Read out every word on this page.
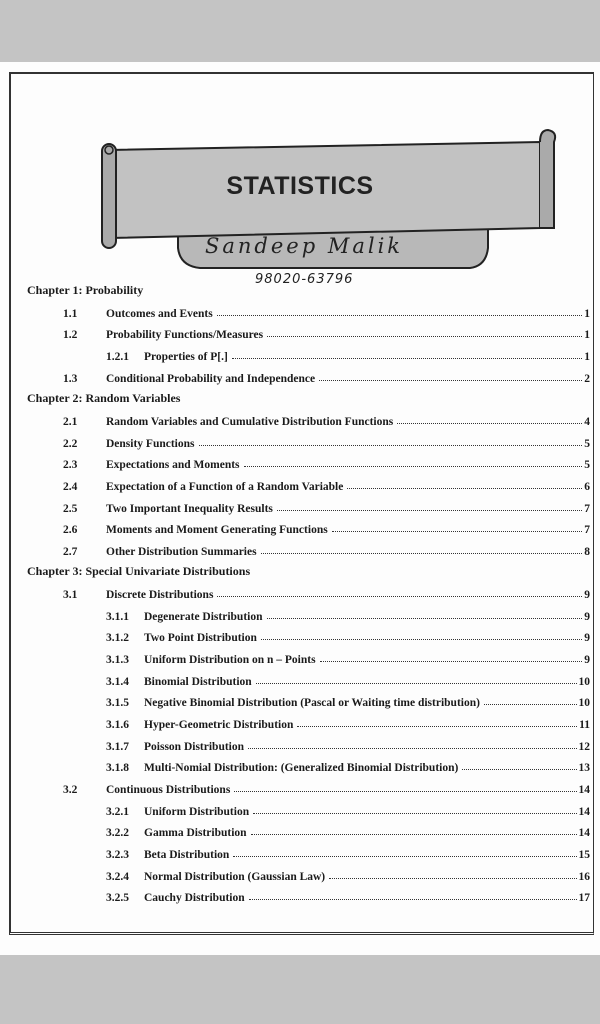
STATISTICS
Sandeep Malik
98020-63796
Chapter 1: Probability
1.1	Outcomes and Events	1
1.2	Probability Functions/Measures	1
1.2.1	Properties of P[.]	1
1.3	Conditional Probability and Independence	2
Chapter 2: Random Variables
2.1	Random Variables and Cumulative Distribution Functions	4
2.2	Density Functions	5
2.3	Expectations and Moments	5
2.4	Expectation of a Function of a Random Variable	6
2.5	Two Important Inequality Results	7
2.6	Moments and Moment Generating Functions	7
2.7	Other Distribution Summaries	8
Chapter 3: Special Univariate Distributions
3.1	Discrete Distributions	9
3.1.1	Degenerate Distribution	9
3.1.2	Two Point Distribution	9
3.1.3	Uniform Distribution on n – Points	9
3.1.4	Binomial Distribution	10
3.1.5	Negative Binomial Distribution (Pascal or Waiting time distribution)	10
3.1.6	Hyper-Geometric Distribution	11
3.1.7	Poisson Distribution	12
3.1.8	Multi-Nomial Distribution: (Generalized Binomial Distribution)	13
3.2	Continuous Distributions	14
3.2.1	Uniform Distribution	14
3.2.2	Gamma Distribution	14
3.2.3	Beta Distribution	15
3.2.4	Normal Distribution (Gaussian Law)	16
3.2.5	Cauchy Distribution	17
